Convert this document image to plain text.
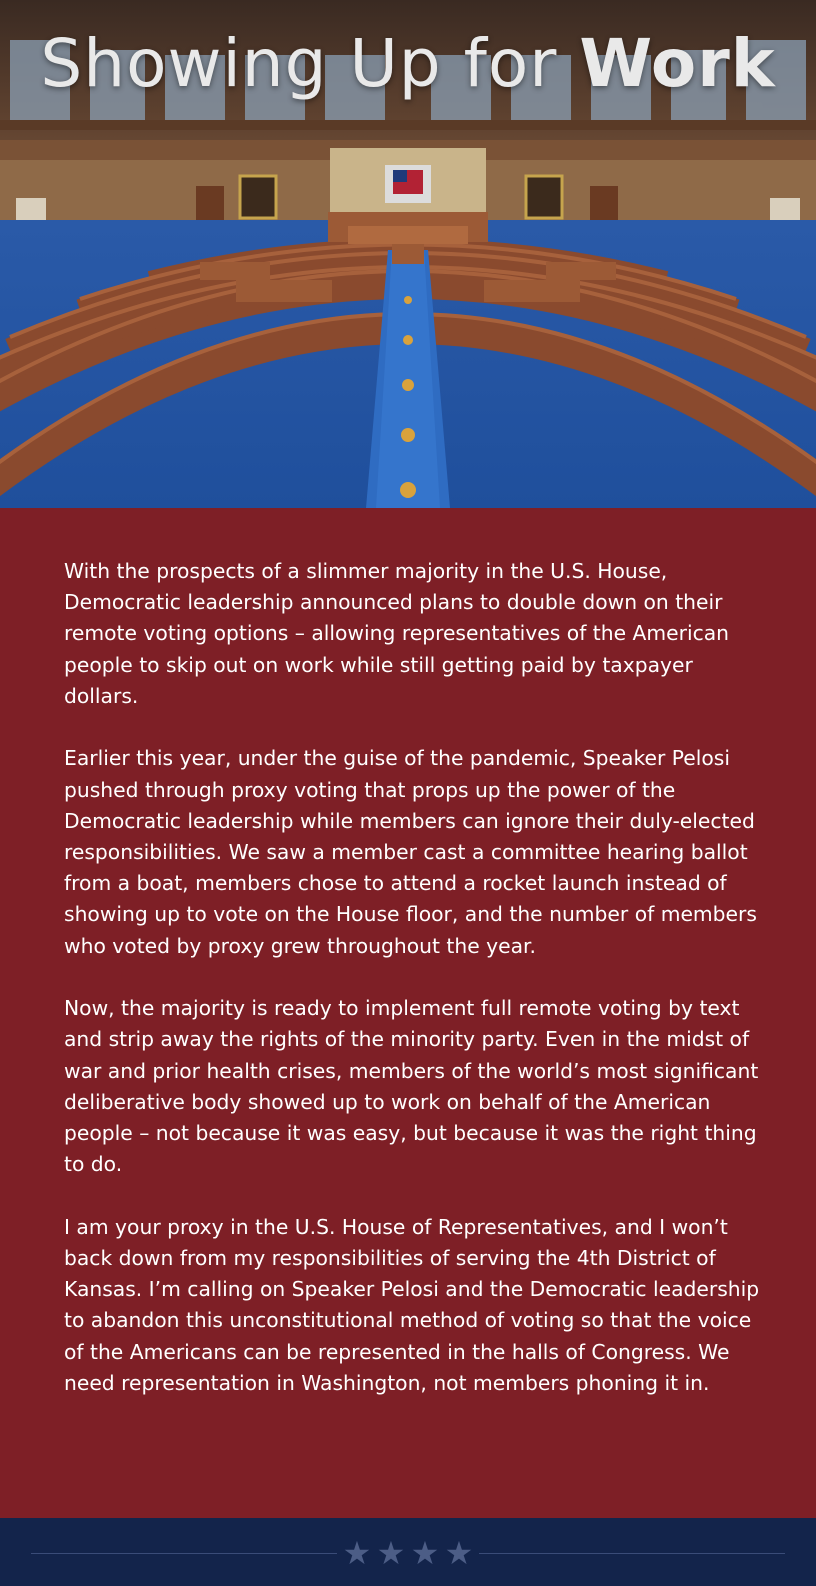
Showing Up for Work

With the prospects of a slimmer majority in the U.S. House, Democratic leadership announced plans to double down on their remote voting options – allowing representatives of the American people to skip out on work while still getting paid by taxpayer dollars.

Earlier this year, under the guise of the pandemic, Speaker Pelosi pushed through proxy voting that props up the power of the Democratic leadership while members can ignore their duly-elected responsibilities. We saw a member cast a committee hearing ballot from a boat, members chose to attend a rocket launch instead of showing up to vote on the House floor, and the number of members who voted by proxy grew throughout the year.

Now, the majority is ready to implement full remote voting by text and strip away the rights of the minority party. Even in the midst of war and prior health crises, members of the world’s most significant deliberative body showed up to work on behalf of the American people – not because it was easy, but because it was the right thing to do.

I am your proxy in the U.S. House of Representatives, and I won’t back down from my responsibilities of serving the 4th District of Kansas. I’m calling on Speaker Pelosi and the Democratic leadership to abandon this unconstitutional method of voting so that the voice of the Americans can be represented in the halls of Congress. We need representation in Washington, not members phoning it in.

★ ★ ★ ★
